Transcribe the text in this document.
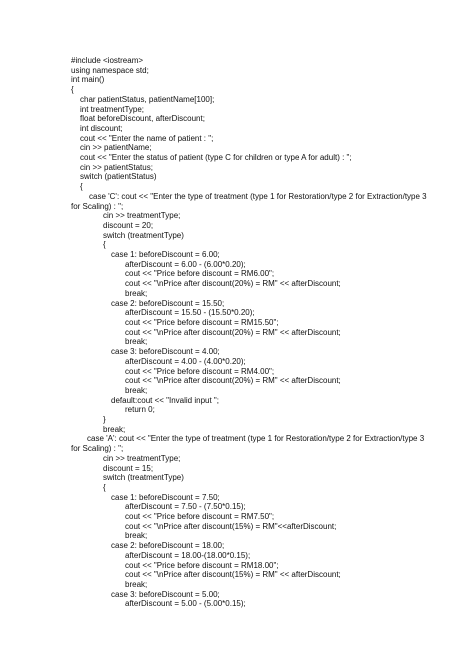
#include <iostream>
using namespace std;
int main()
{
char patientStatus, patientName[100];
int treatmentType;
float beforeDiscount, afterDiscount;
int discount;
cout << "Enter the name of patient : ";
cin >> patientName;
cout << "Enter the status of patient (type C for children or type A for adult) : ";
cin >> patientStatus;
switch (patientStatus)
{
case 'C': cout << "Enter the type of treatment (type 1 for Restoration/type 2 for Extraction/type 3
for Scaling) : ";
cin >> treatmentType;
discount = 20;
switch (treatmentType)
{
case 1: beforeDiscount = 6.00;
afterDiscount = 6.00 - (6.00*0.20);
cout << "Price before discount = RM6.00";
cout << "\nPrice after discount(20%) = RM" << afterDiscount;
break;
case 2: beforeDiscount = 15.50;
afterDiscount = 15.50 - (15.50*0.20);
cout << "Price before discount = RM15.50";
cout << "\nPrice after discount(20%) = RM" << afterDiscount;
break;
case 3: beforeDiscount = 4.00;
afterDiscount = 4.00 - (4.00*0.20);
cout << "Price before discount = RM4.00";
cout << "\nPrice after discount(20%) = RM" << afterDiscount;
break;
default:cout << "Invalid input ";
return 0;
}
break;
case 'A': cout << "Enter the type of treatment (type 1 for Restoration/type 2 for Extraction/type 3
for Scaling) : ";
cin >> treatmentType;
discount = 15;
switch (treatmentType)
{
case 1: beforeDiscount = 7.50;
afterDiscount = 7.50 - (7.50*0.15);
cout << "Price before discount = RM7.50";
cout << "\nPrice after discount(15%) = RM"<<afterDiscount;
break;
case 2: beforeDiscount = 18.00;
afterDiscount = 18.00-(18.00*0.15);
cout << "Price before discount = RM18.00";
cout << "\nPrice after discount(15%) = RM" << afterDiscount;
break;
case 3: beforeDiscount = 5.00;
afterDiscount = 5.00 - (5.00*0.15);
